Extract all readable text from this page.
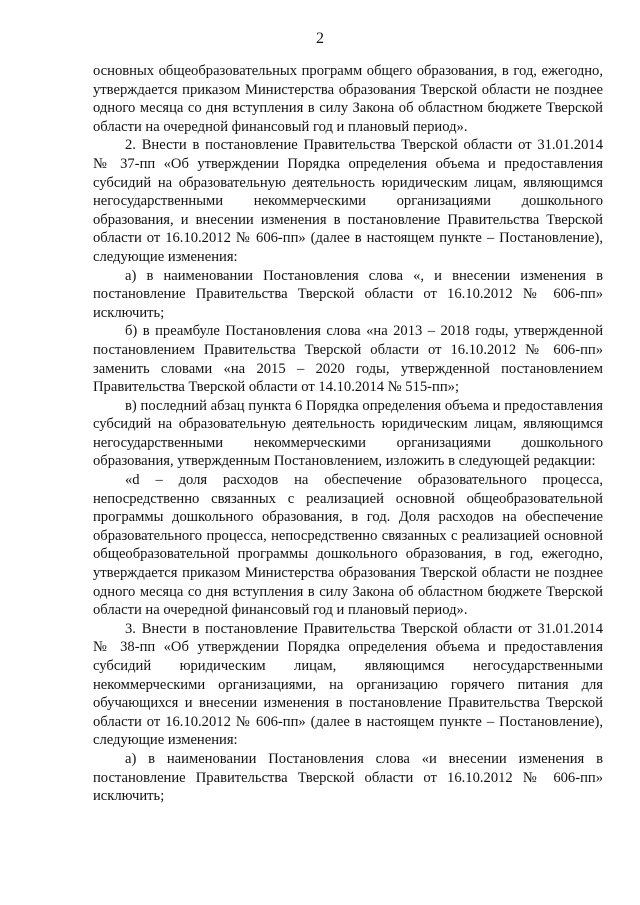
2

основных общеобразовательных программ общего образования, в год, ежегодно, утверждается приказом Министерства образования Тверской области не позднее одного месяца со дня вступления в силу Закона об областном бюджете Тверской области на очередной финансовый год и плановый период».

2. Внести в постановление Правительства Тверской области от 31.01.2014 № 37-пп «Об утверждении Порядка определения объема и предоставления субсидий на образовательную деятельность юридическим лицам, являющимся негосударственными некоммерческими организациями дошкольного образования, и внесении изменения в постановление Правительства Тверской области от 16.10.2012 № 606-пп» (далее в настоящем пункте – Постановление), следующие изменения:

а) в наименовании Постановления слова «, и внесении изменения в постановление Правительства Тверской области от 16.10.2012 № 606-пп» исключить;

б) в преамбуле Постановления слова «на 2013 – 2018 годы, утвержденной постановлением Правительства Тверской области от 16.10.2012 № 606-пп» заменить словами «на 2015 – 2020 годы, утвержденной постановлением Правительства Тверской области от 14.10.2014 № 515-пп»;

в) последний абзац пункта 6 Порядка определения объема и предоставления субсидий на образовательную деятельность юридическим лицам, являющимся негосударственными некоммерческими организациями дошкольного образования, утвержденным Постановлением, изложить в следующей редакции:

«d – доля расходов на обеспечение образовательного процесса, непосредственно связанных с реализацией основной общеобразовательной программы дошкольного образования, в год. Доля расходов на обеспечение образовательного процесса, непосредственно связанных с реализацией основной общеобразовательной программы дошкольного образования, в год, ежегодно, утверждается приказом Министерства образования Тверской области не позднее одного месяца со дня вступления в силу Закона об областном бюджете Тверской области на очередной финансовый год и плановый период».

3. Внести в постановление Правительства Тверской области от 31.01.2014 № 38-пп «Об утверждении Порядка определения объема и предоставления субсидий юридическим лицам, являющимся негосударственными некоммерческими организациями, на организацию горячего питания для обучающихся и внесении изменения в постановление Правительства Тверской области от 16.10.2012 № 606-пп» (далее в настоящем пункте – Постановление), следующие изменения:

а) в наименовании Постановления слова «и внесении изменения в постановление Правительства Тверской области от 16.10.2012 № 606-пп» исключить;
